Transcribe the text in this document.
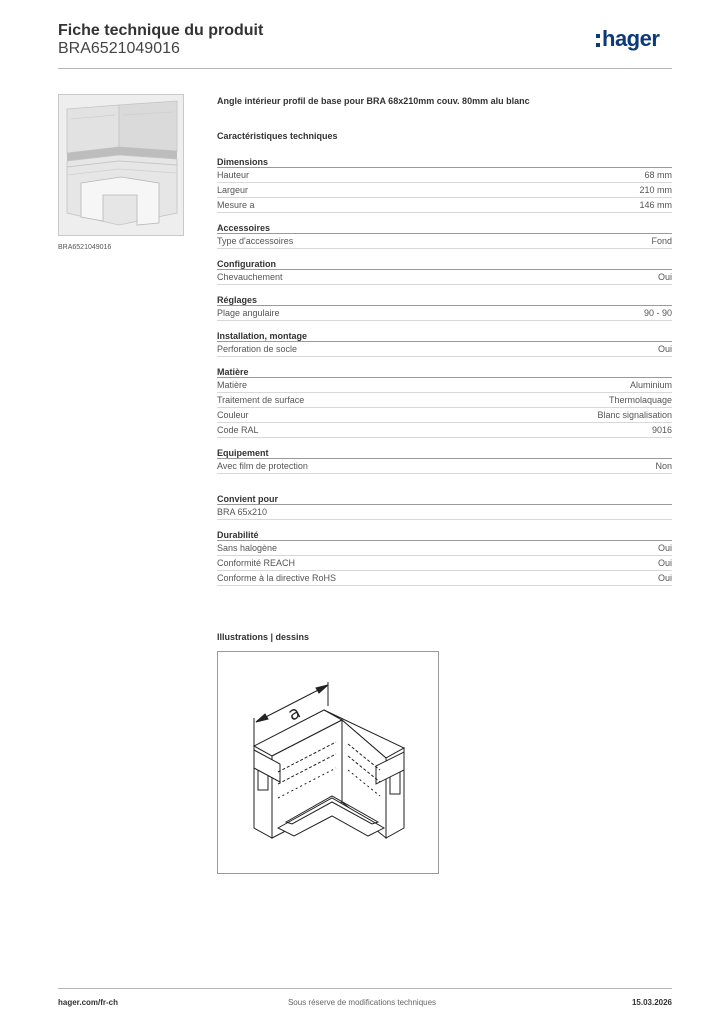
Fiche technique du produit
BRA6521049016	hager
BRA6521049016
Angle intérieur profil de base pour BRA 68x210mm couv. 80mm alu blanc
Caractéristiques techniques
Dimensions
Hauteur	68 mm
Largeur	210 mm
Mesure a	146 mm
Accessoires
Type d'accessoires	Fond
Configuration
Chevauchement	Oui
Réglages
Plage angulaire	90 - 90
Installation, montage
Perforation de socle	Oui
Matière
Matière	Aluminium
Traitement de surface	Thermolaquage
Couleur	Blanc signalisation
Code RAL	9016
Equipement
Avec film de protection	Non
Convient pour
BRA 65x210
Durabilité
Sans halogène	Oui
Conformité REACH	Oui
Conforme à la directive RoHS	Oui
Illustrations | dessins
a
hager.com/fr-ch	Sous réserve de modifications techniques	15.03.2026
